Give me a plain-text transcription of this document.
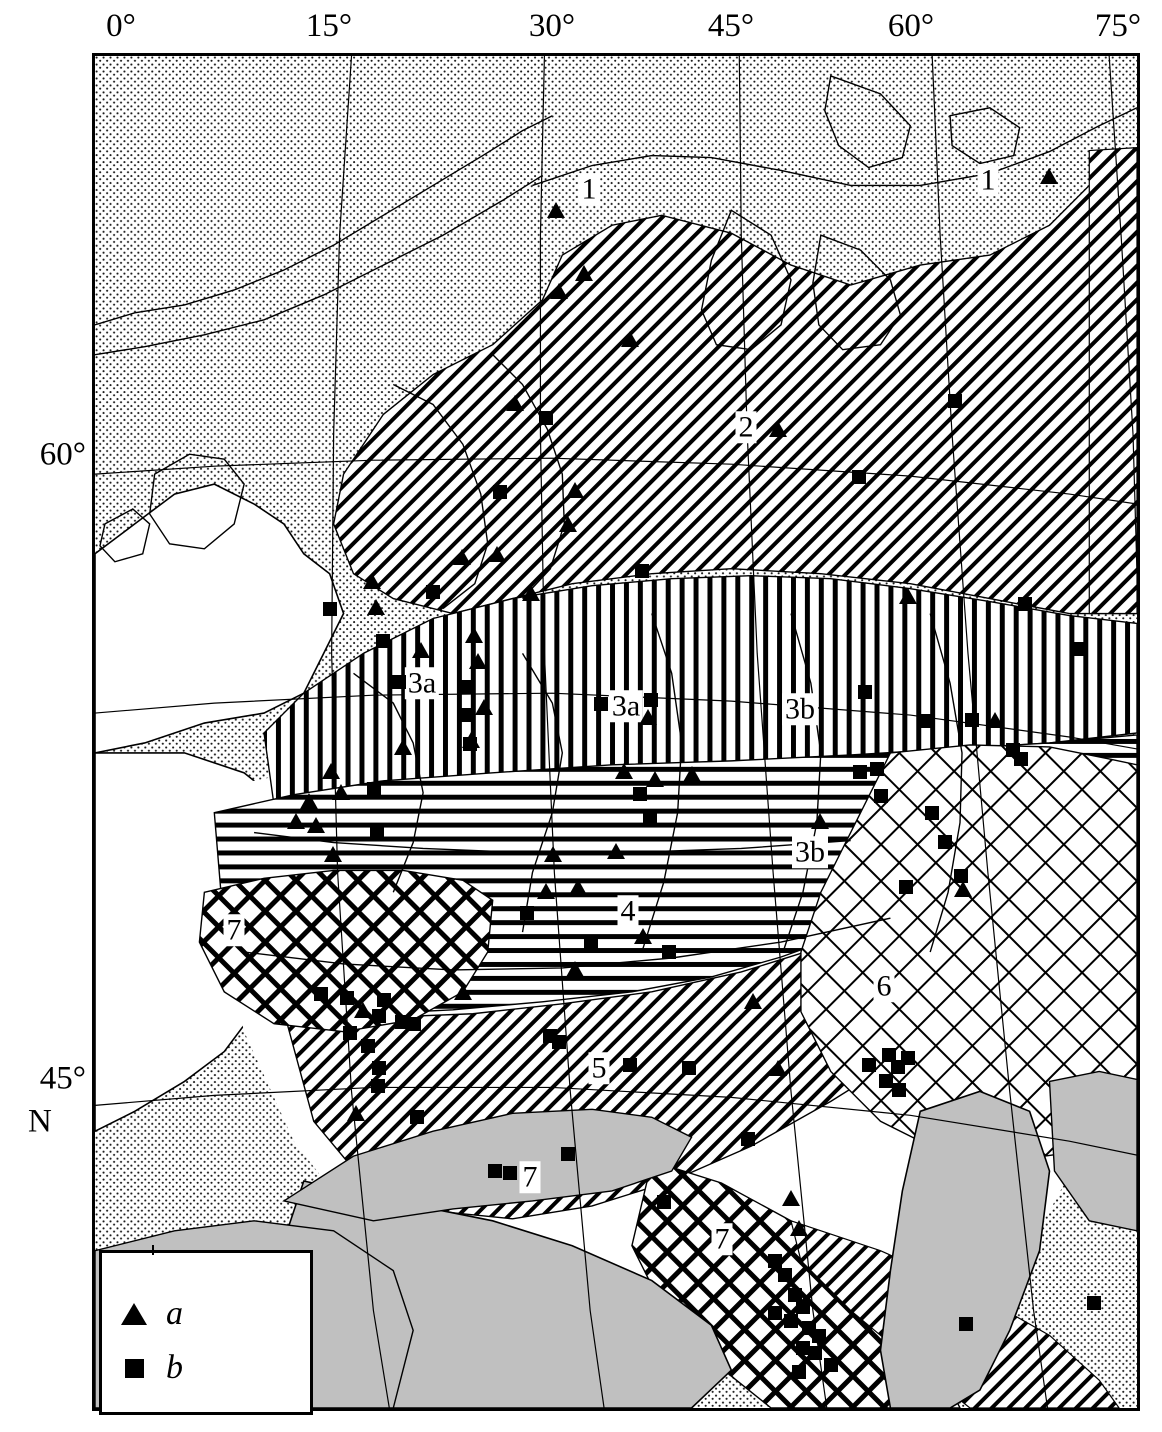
0°	15°	30°	45°	60°	75°
60°
45°
N
1	1
2
3a
3a	3b
3b
4
5
6
7
7
7
a
b
